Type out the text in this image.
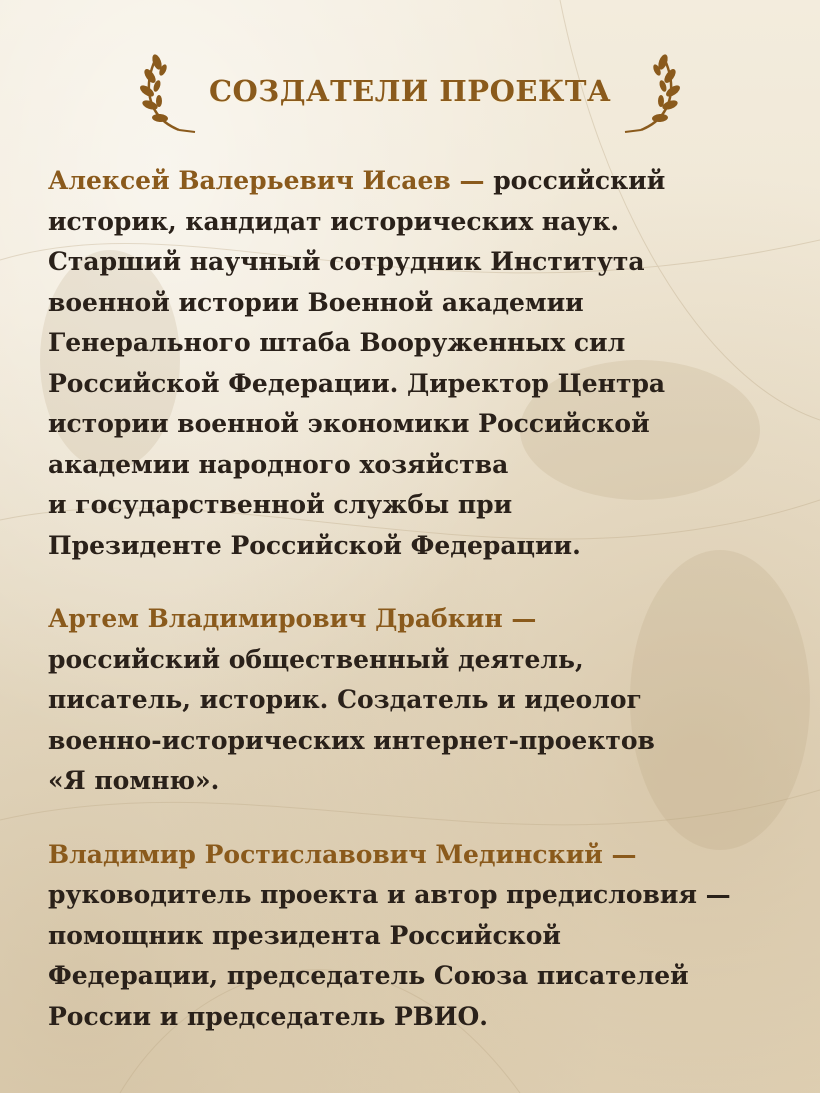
СОЗДАТЕЛИ ПРОЕКТА
Алексей Валерьевич Исаев — российский
историк, кандидат исторических наук.
Старший научный сотрудник Института
военной истории Военной академии
Генерального штаба Вооруженных сил
Российской Федерации. Директор Центра
истории военной экономики Российской
академии народного хозяйства
и государственной службы при
Президенте Российской Федерации.
Артем Владимирович Драбкин —
российский общественный деятель,
писатель, историк. Создатель и идеолог
военно-исторических интернет-проектов
«Я помню».
Владимир Ростиславович Мединский —
руководитель проекта и автор предисловия —
помощник президента Российской
Федерации, председатель Союза писателей
России и председатель РВИО.
